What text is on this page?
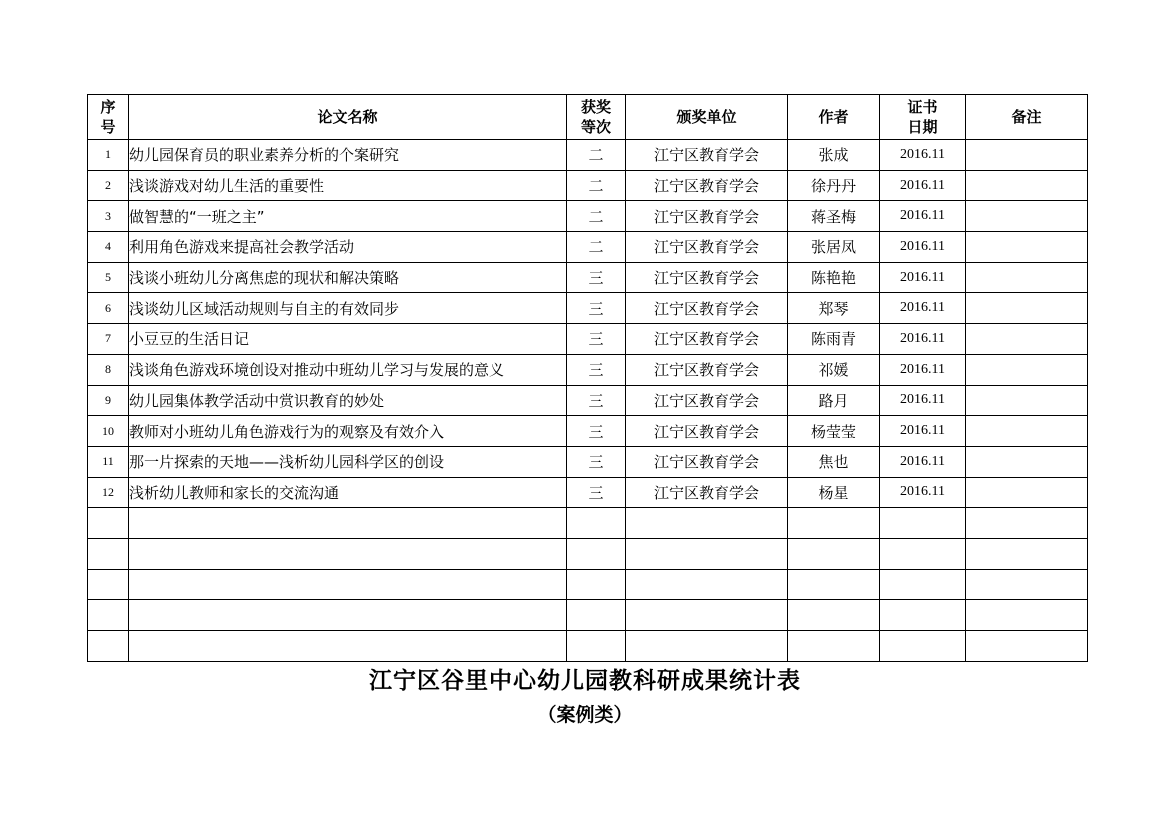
序号	论文名称	获奖等次	颁奖单位	作者	证书日期	备注
1	幼儿园保育员的职业素养分析的个案研究	二	江宁区教育学会	张成	2016.11	
2	浅谈游戏对幼儿生活的重要性	二	江宁区教育学会	徐丹丹	2016.11	
3	做智慧的“一班之主”	二	江宁区教育学会	蒋圣梅	2016.11	
4	利用角色游戏来提高社会教学活动	二	江宁区教育学会	张居凤	2016.11	
5	浅谈小班幼儿分离焦虑的现状和解决策略	三	江宁区教育学会	陈艳艳	2016.11	
6	浅谈幼儿区域活动规则与自主的有效同步	三	江宁区教育学会	郑琴	2016.11	
7	小豆豆的生活日记	三	江宁区教育学会	陈雨青	2016.11	
8	浅谈角色游戏环境创设对推动中班幼儿学习与发展的意义	三	江宁区教育学会	祁媛	2016.11	
9	幼儿园集体教学活动中赏识教育的妙处	三	江宁区教育学会	路月	2016.11	
10	教师对小班幼儿角色游戏行为的观察及有效介入	三	江宁区教育学会	杨莹莹	2016.11	
11	那一片探索的天地——浅析幼儿园科学区的创设	三	江宁区教育学会	焦也	2016.11	
12	浅析幼儿教师和家长的交流沟通	三	江宁区教育学会	杨星	2016.11	

江宁区谷里中心幼儿园教科研成果统计表
（案例类）
